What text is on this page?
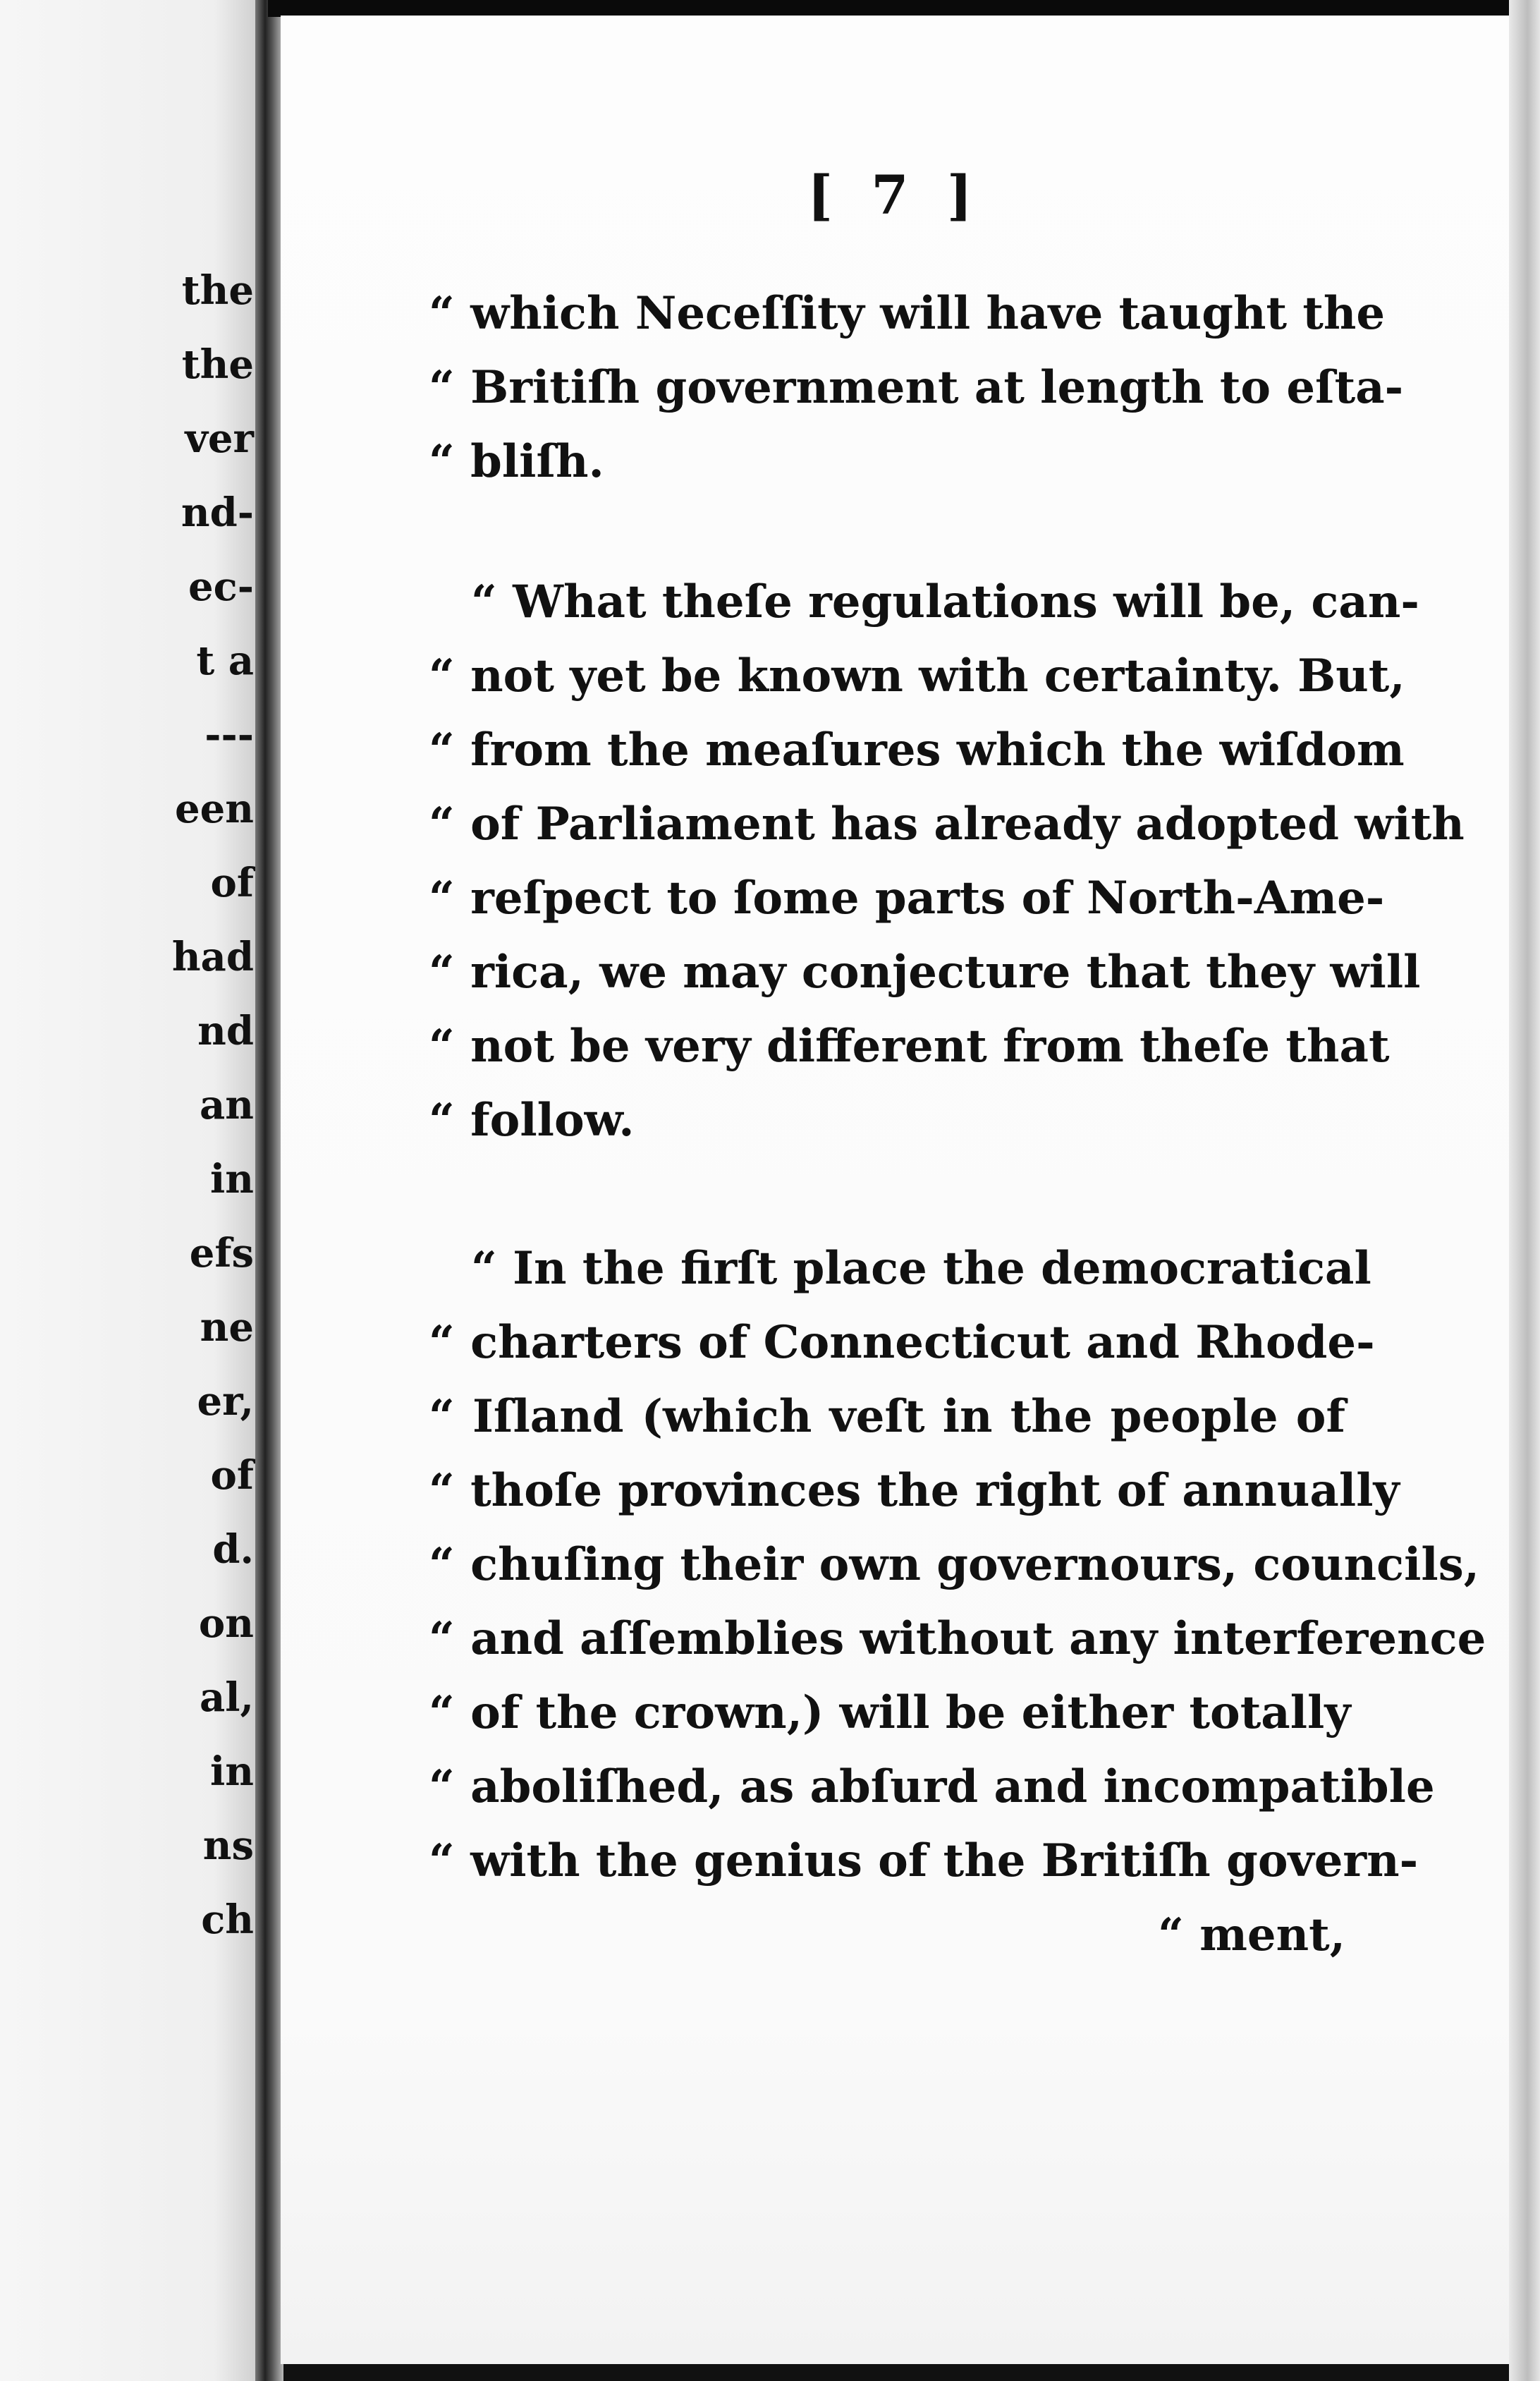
the
the
ver
nd-
ec-
t a
---
een
of
had
nd
an
in
efs
ne
er,
of
d.
on
al,
in
ns
ch
[ 7 ]
“ which Neceſſity will have taught the
“ Britiſh government at length to eſta-
“ bliſh.
“ What theſe regulations will be, can-
“ not yet be known with certainty. But,
“ from the meaſures which the wiſdom
“ of Parliament has already adopted with
“ reſpect to ſome parts of North-Ame-
“ rica, we may conjecture that they will
“ not be very different from theſe that
“ follow.
“ In the firſt place the democratical
“ charters of Connecticut and Rhode-
“ Iſland (which veſt in the people of
“ thoſe provinces the right of annually
“ chuſing their own governours, councils,
“ and aſſemblies without any interference
“ of the crown,) will be either totally
“ aboliſhed, as abſurd and incompatible
“ with the genius of the Britiſh govern-
“ ment,
